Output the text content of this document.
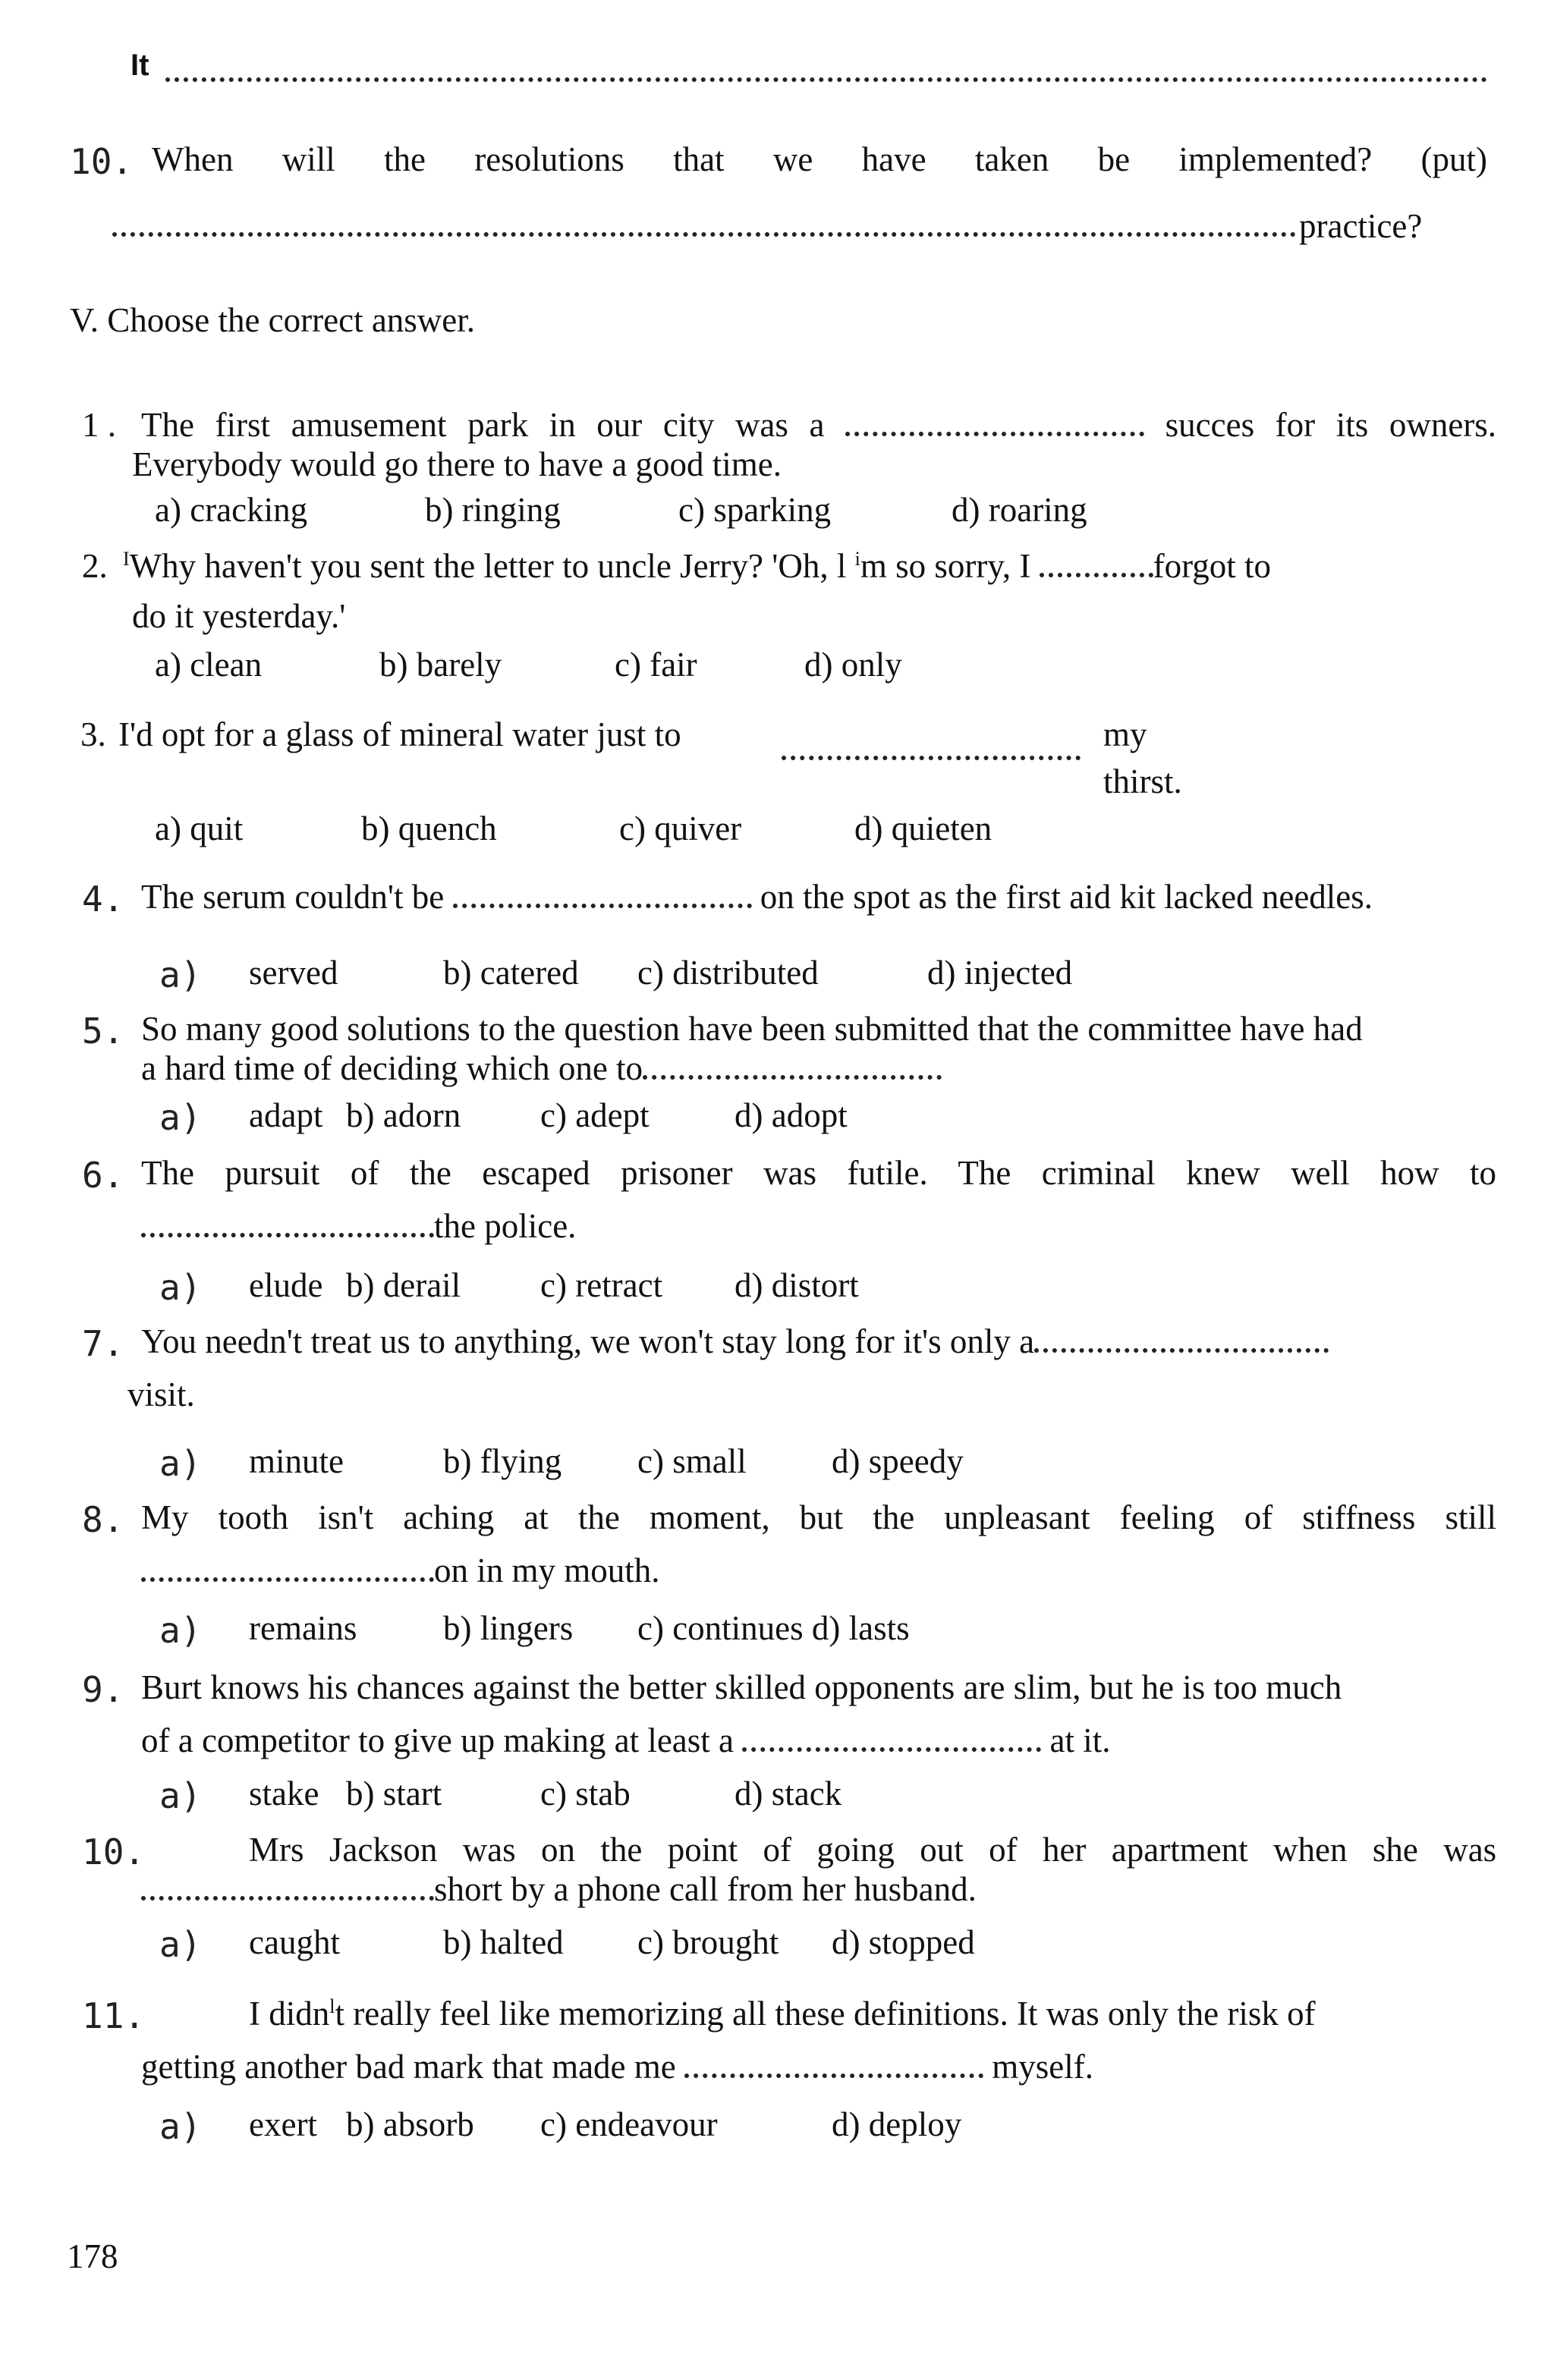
It
10. When will the resolutions that we have taken be implemented? (put)
practice?
V. Choose the correct answer.
1 . The first amusement park in our city was a	succes for its owners.
Everybody would go there to have a good time.
a) cracking	b) ringing	c) sparking	d) roaring
2. $^I$Why haven't you sent the letter to uncle Jerry? 'Oh, l $^i$m so sorry, I	forgot to
do it yesterday.'
a) clean	b) barely	c) fair	d) only
3. I'd opt for a glass of mineral water just to	my
thirst.
a) quit	b) quench	c) quiver	d) quieten
4. The serum couldn't be	on the spot as the first aid kit lacked needles.
a) served	b) catered c) distributed	d) injected
5. So many good solutions to the question have been submitted that the committee have had
a hard time of deciding which one to
a) adapt b) adorn c) adept d) adopt
6. The pursuit of the escaped prisoner was futile. The criminal knew well how to
the police.
a) elude b) derail c) retract d) distort
7. You needn't treat us to anything, we won't stay long for it's only a
visit.
a) minute	b) flying c) small d) speedy
8. My tooth isn't aching at the moment, but the unpleasant feeling of stiffness still
on in my mouth.
a) remains	b) lingers c) continues d) lasts
9. Burt knows his chances against the better skilled opponents are slim, but he is too much
of a competitor to give up making at least a	at it.
a) stake b) start	c) stab	d) stack
10.	Mrs Jackson was on the point of going out of her apartment when she was
short by a phone call from her husband.
a) caught	b) halted c) brought d) stopped
11.	I didn$^l$t really feel like memorizing all these definitions. It was only the risk of
getting another bad mark that made me	myself.
a) exert b) absorb c) endeavour	d) deploy
178
